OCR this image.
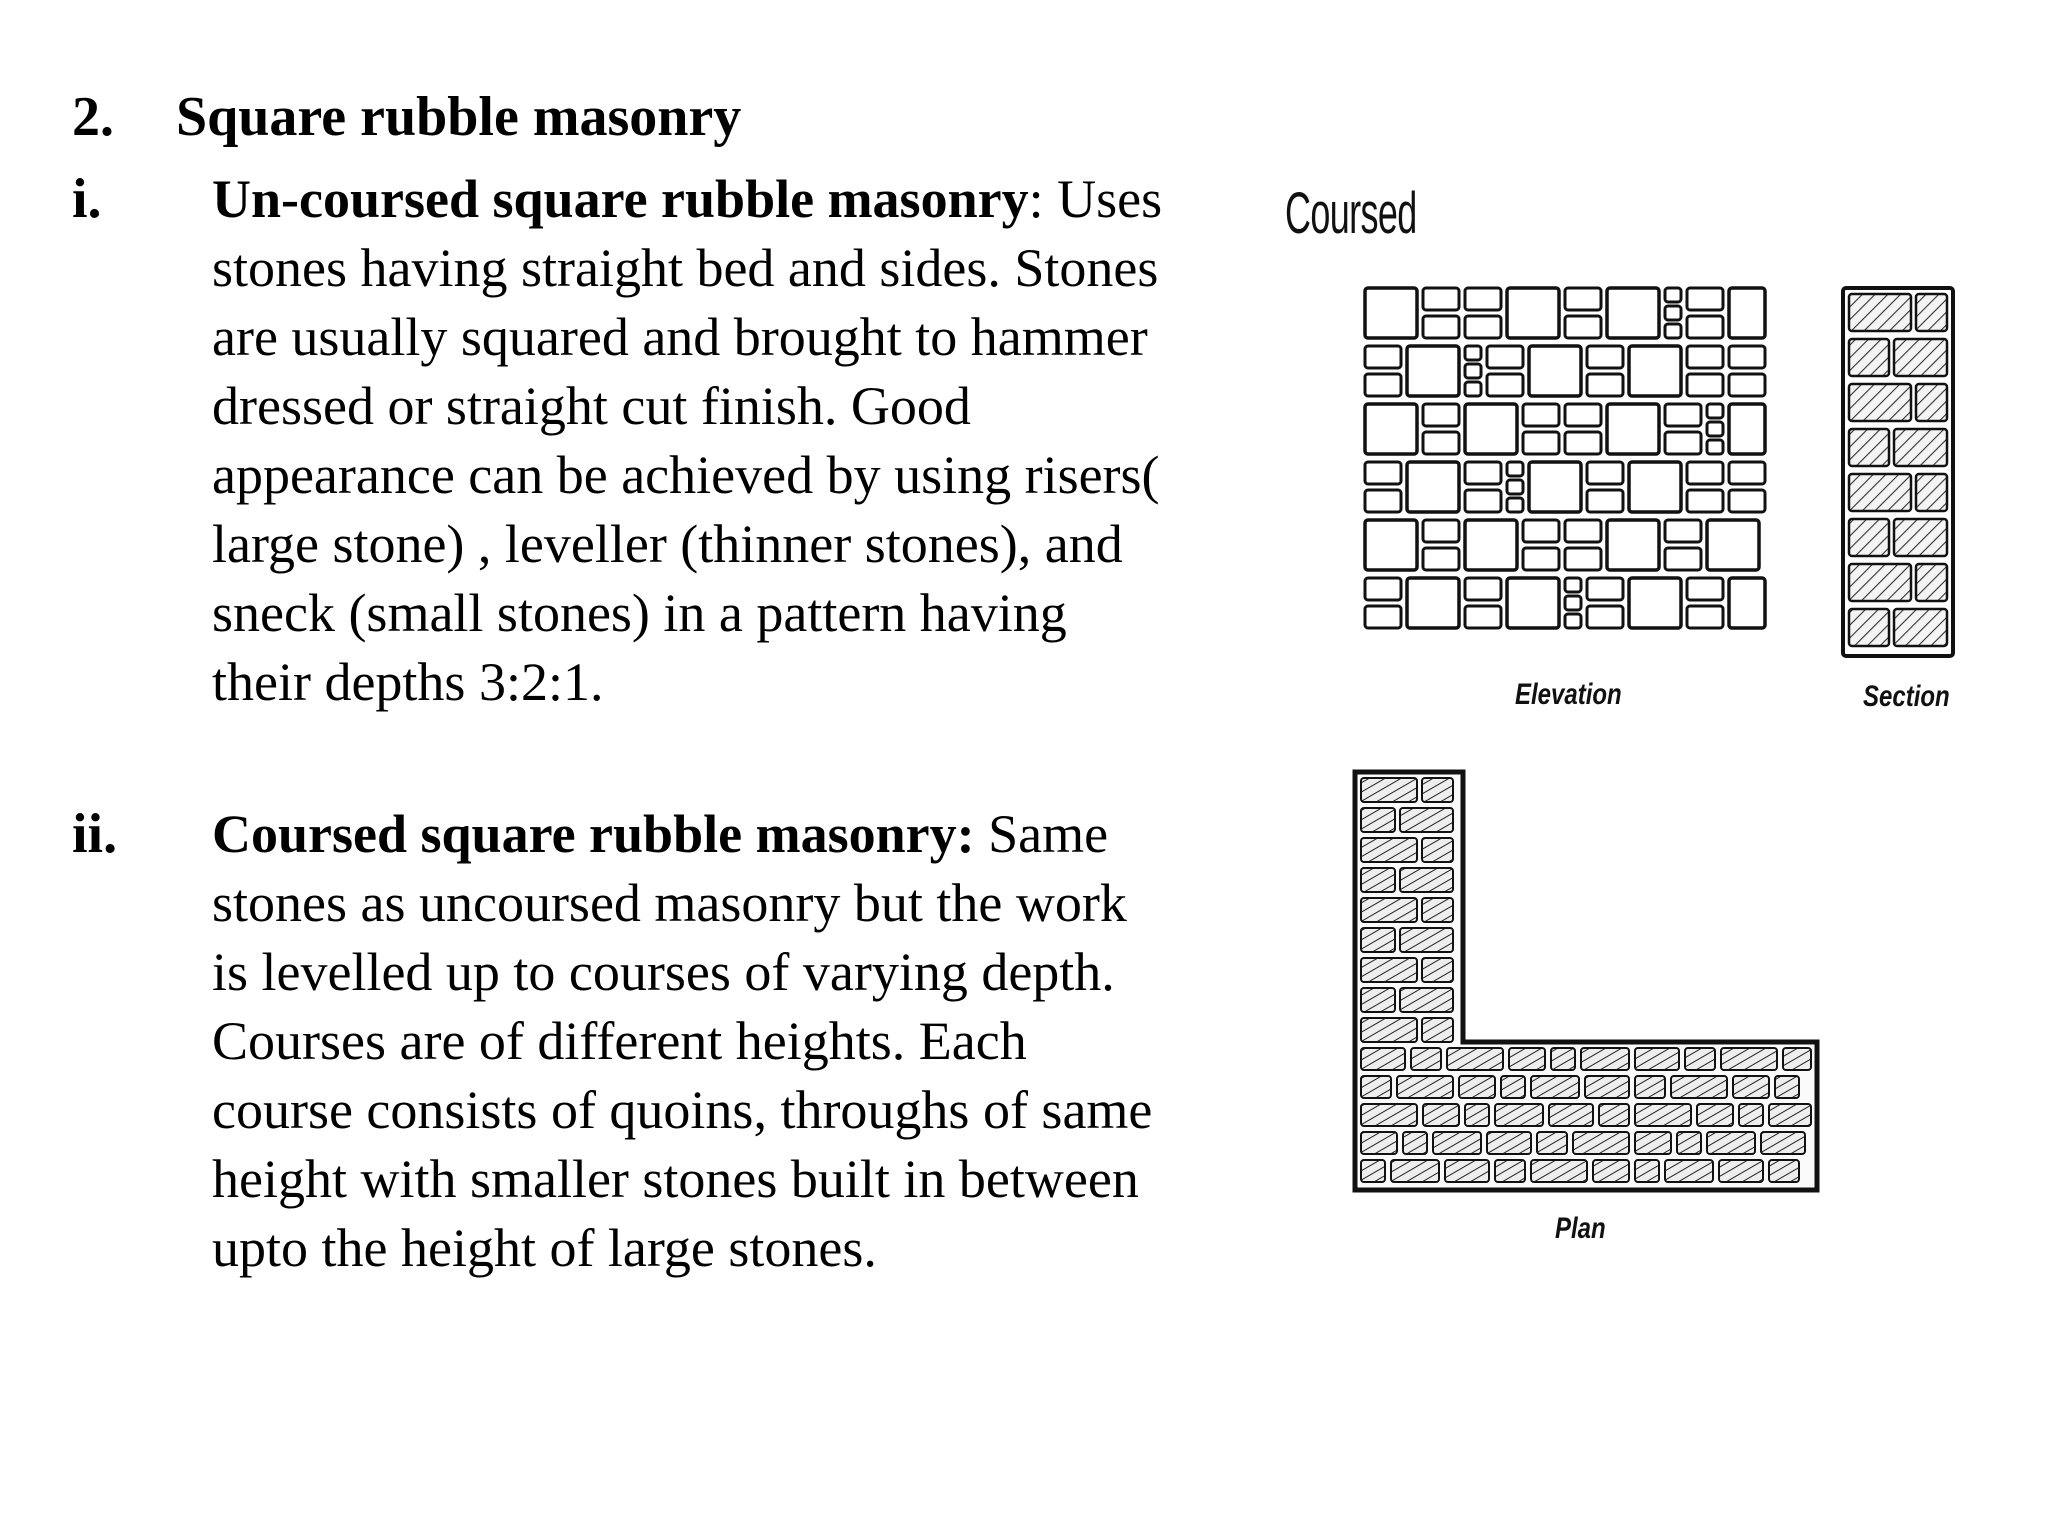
2. Square rubble masonry
i. Un-coursed square rubble masonry: Uses stones having straight bed and sides. Stones are usually squared and brought to hammer dressed or straight cut finish. Good appearance can be achieved by using risers( large stone) , leveller (thinner stones), and sneck (small stones) in a pattern having their depths 3:2:1.
ii. Coursed square rubble masonry: Same stones as uncoursed masonry but the work is levelled up to courses of varying depth. Courses are of different heights. Each course consists of quoins, throughs of same height with smaller stones built in between upto the height of large stones.
Coursed
Elevation	Section
Plan
